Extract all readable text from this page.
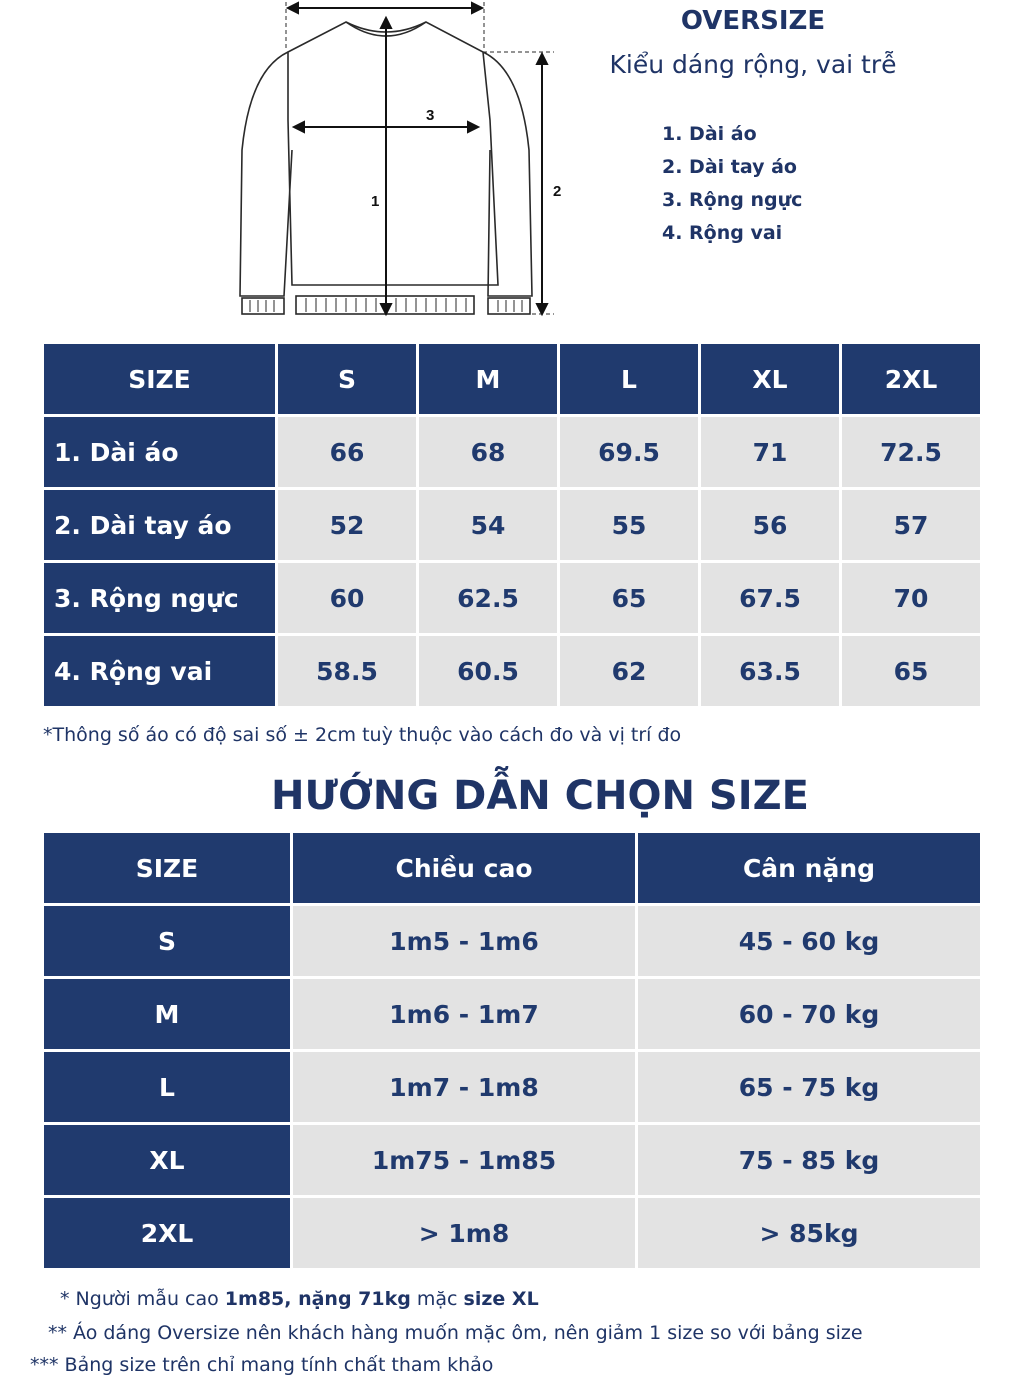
3
1
2
OVERSIZE
Kiểu dáng rộng, vai trễ
1. Dài áo
2. Dài tay áo
3. Rộng ngực
4. Rộng vai
SIZE	S	M	L	XL	2XL
1. Dài áo	66	68	69.5	71	72.5
2. Dài tay áo	52	54	55	56	57
3. Rộng ngực	60	62.5	65	67.5	70
4. Rộng vai	58.5	60.5	62	63.5	65
*Thông số áo có độ sai số ± 2cm tuỳ thuộc vào cách đo và vị trí đo
HƯỚNG DẪN CHỌN SIZE
SIZE	Chiều cao	Cân nặng
S	1m5 - 1m6	45 - 60 kg
M	1m6 - 1m7	60 - 70 kg
L	1m7 - 1m8	65 - 75 kg
XL	1m75 - 1m85	75 - 85 kg
2XL	> 1m8	> 85kg
* Người mẫu cao 1m85, nặng 71kg mặc size XL
** Áo dáng Oversize nên khách hàng muốn mặc ôm, nên giảm 1 size so với bảng size
*** Bảng size trên chỉ mang tính chất tham khảo
